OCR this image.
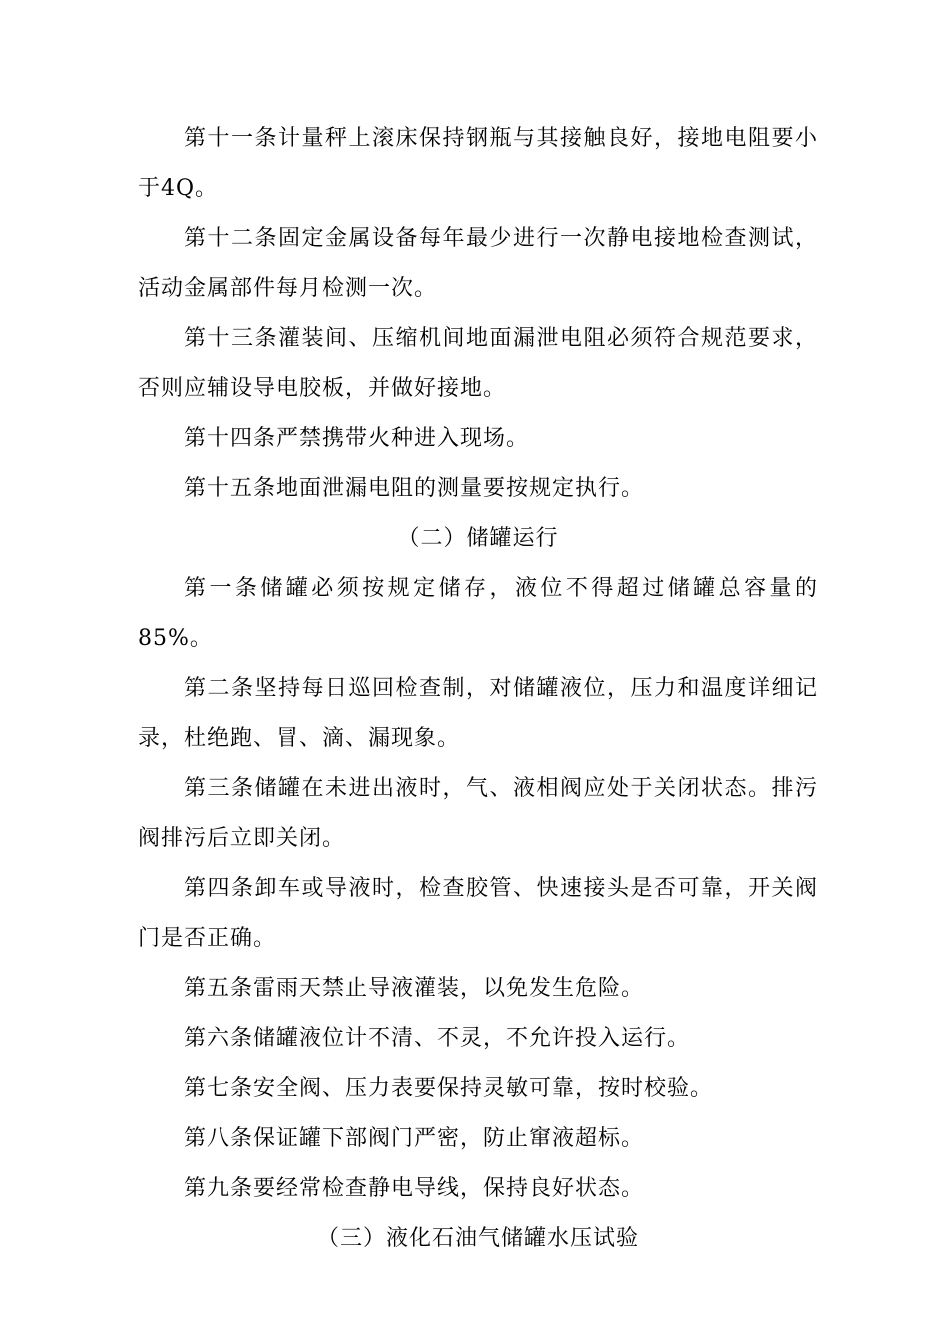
第十一条计量秤上滚床保持钢瓶与其接触良好，接地电阻要小于4Q。

第十二条固定金属设备每年最少进行一次静电接地检查测试，活动金属部件每月检测一次。

第十三条灌装间、压缩机间地面漏泄电阻必须符合规范要求，否则应辅设导电胶板，并做好接地。

第十四条严禁携带火种进入现场。

第十五条地面泄漏电阻的测量要按规定执行。

（二）储罐运行

第一条储罐必须按规定储存，液位不得超过储罐总容量的85%。

第二条坚持每日巡回检查制，对储罐液位，压力和温度详细记录，杜绝跑、冒、滴、漏现象。

第三条储罐在未进出液时，气、液相阀应处于关闭状态。排污阀排污后立即关闭。

第四条卸车或导液时，检查胶管、快速接头是否可靠，开关阀门是否正确。

第五条雷雨天禁止导液灌装，以免发生危险。

第六条储罐液位计不清、不灵，不允许投入运行。

第七条安全阀、压力表要保持灵敏可靠，按时校验。

第八条保证罐下部阀门严密，防止窜液超标。

第九条要经常检查静电导线，保持良好状态。

（三）液化石油气储罐水压试验
